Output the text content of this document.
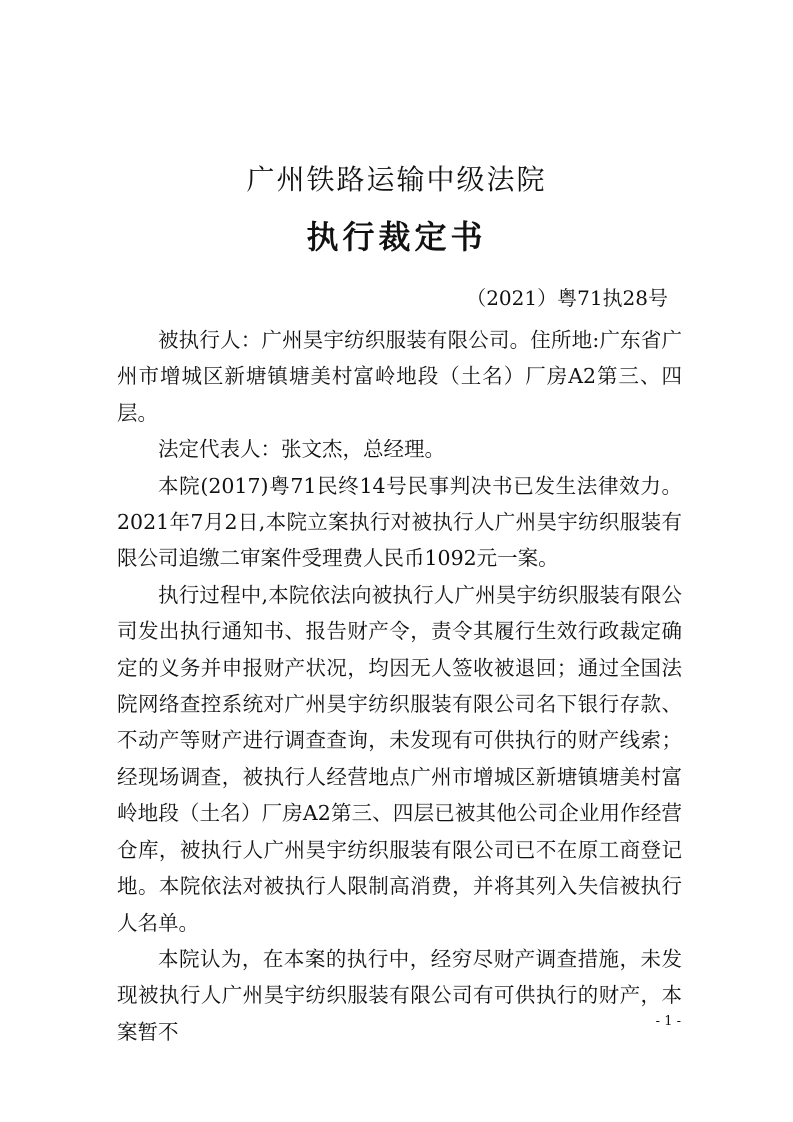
广州铁路运输中级法院
执行裁定书
（2021）粤71执28号

被执行人：广州昊宇纺织服装有限公司。住所地:广东省广州市增城区新塘镇塘美村富岭地段（土名）厂房A2第三、四层。

法定代表人：张文杰，总经理。

本院(2017)粤71民终14号民事判决书已发生法律效力。2021年7月2日,本院立案执行对被执行人广州昊宇纺织服装有限公司追缴二审案件受理费人民币1092元一案。

执行过程中,本院依法向被执行人广州昊宇纺织服装有限公司发出执行通知书、报告财产令，责令其履行生效行政裁定确定的义务并申报财产状况，均因无人签收被退回；通过全国法院网络查控系统对广州昊宇纺织服装有限公司名下银行存款、不动产等财产进行调查查询，未发现有可供执行的财产线索；经现场调查，被执行人经营地点广州市增城区新塘镇塘美村富岭地段（土名）厂房A2第三、四层已被其他公司企业用作经营仓库，被执行人广州昊宇纺织服装有限公司已不在原工商登记地。本院依法对被执行人限制高消费，并将其列入失信被执行人名单。

本院认为，在本案的执行中，经穷尽财产调查措施，未发现被执行人广州昊宇纺织服装有限公司有可供执行的财产，本案暂不	- 1 -
